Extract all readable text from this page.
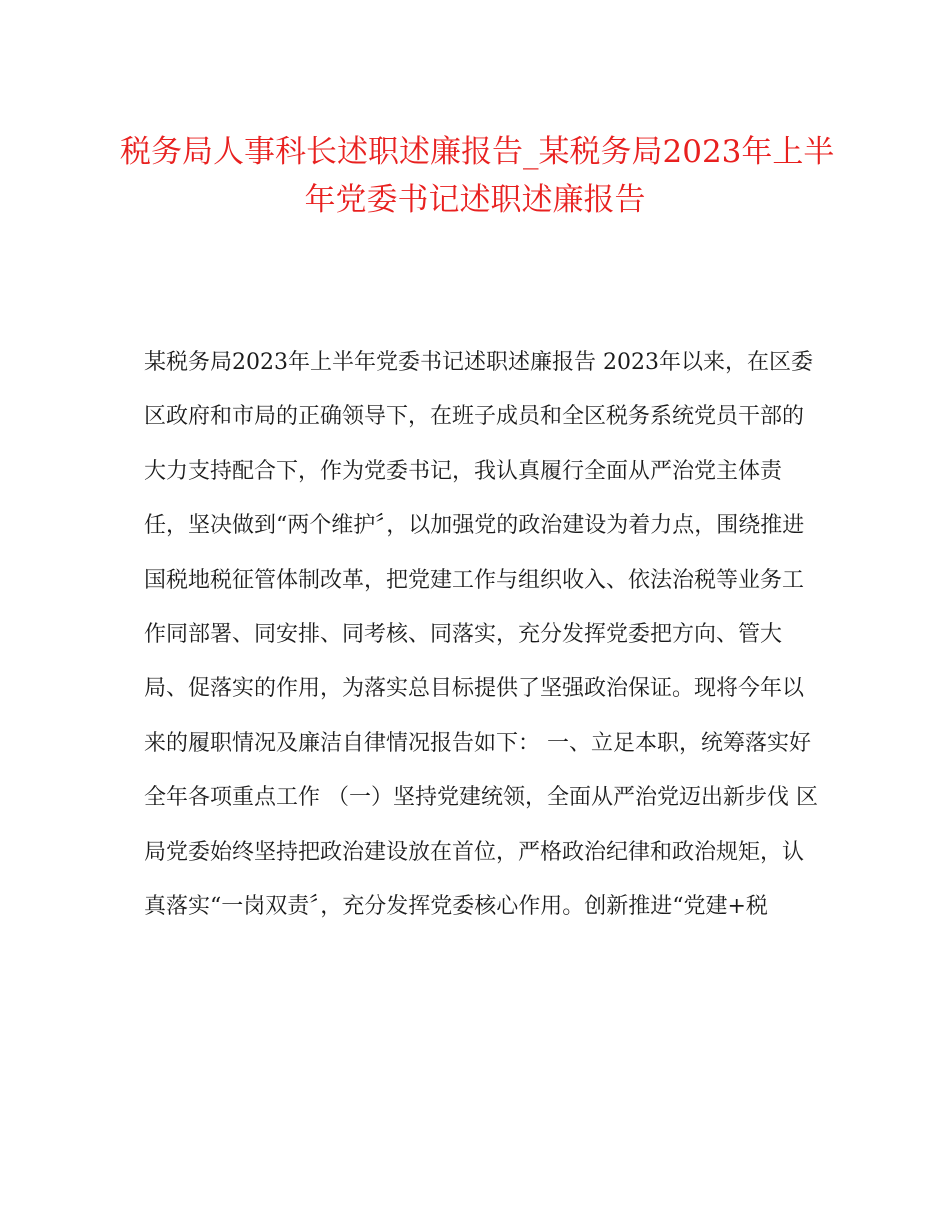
税务局人事科长述职述廉报告_某税务局2023年上半
年党委书记述职述廉报告
某税务局2023年上半年党委书记述职述廉报告 2023年以来，在区委
区政府和市局的正确领导下，在班子成员和全区税务系统党员干部的
大力支持配合下，作为党委书记，我认真履行全面从严治党主体责
任，坚决做到“两个维护〞，以加强党的政治建设为着力点，围绕推进
国税地税征管体制改革，把党建工作与组织收入、依法治税等业务工
作同部署、同安排、同考核、同落实，充分发挥党委把方向、管大
局、促落实的作用，为落实总目标提供了坚强政治保证。现将今年以
来的履职情况及廉洁自律情况报告如下： 一、立足本职，统筹落实好
全年各项重点工作 （一）坚持党建统领，全面从严治党迈出新步伐 区
局党委始终坚持把政治建设放在首位，严格政治纪律和政治规矩，认
真落实“一岗双责〞，充分发挥党委核心作用。创新推进“党建+税
